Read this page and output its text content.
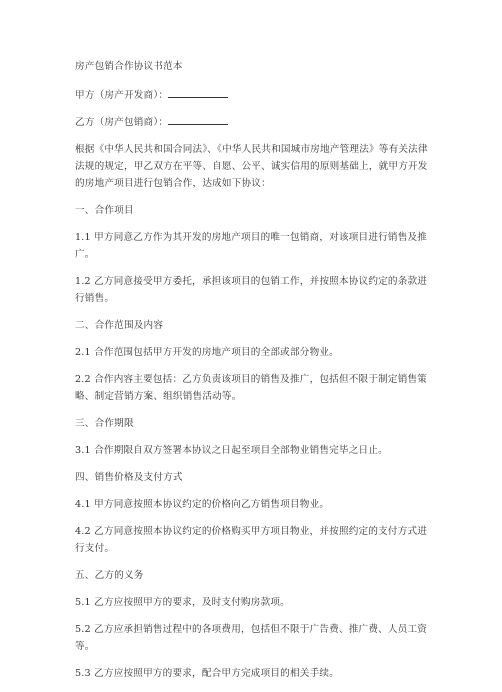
房产包销合作协议书范本

甲方（房产开发商）：

乙方（房产包销商）：

根据《中华人民共和国合同法》、《中华人民共和国城市房地产管理法》等有关法律法规的规定，甲乙双方在平等、自愿、公平、诚实信用的原则基础上，就甲方开发的房地产项目进行包销合作，达成如下协议：

一、合作项目

1.1 甲方同意乙方作为其开发的房地产项目的唯一包销商，对该项目进行销售及推广。

1.2 乙方同意接受甲方委托，承担该项目的包销工作，并按照本协议约定的条款进行销售。

二、合作范围及内容

2.1 合作范围包括甲方开发的房地产项目的全部或部分物业。

2.2 合作内容主要包括：乙方负责该项目的销售及推广，包括但不限于制定销售策略、制定营销方案、组织销售活动等。

三、合作期限

3.1 合作期限自双方签署本协议之日起至项目全部物业销售完毕之日止。

四、销售价格及支付方式

4.1 甲方同意按照本协议约定的价格向乙方销售项目物业。

4.2 乙方同意按照本协议约定的价格购买甲方项目物业，并按照约定的支付方式进行支付。

五、乙方的义务

5.1 乙方应按照甲方的要求，及时支付购房款项。

5.2 乙方应承担销售过程中的各项费用，包括但不限于广告费、推广费、人员工资等。

5.3 乙方应按照甲方的要求，配合甲方完成项目的相关手续。
